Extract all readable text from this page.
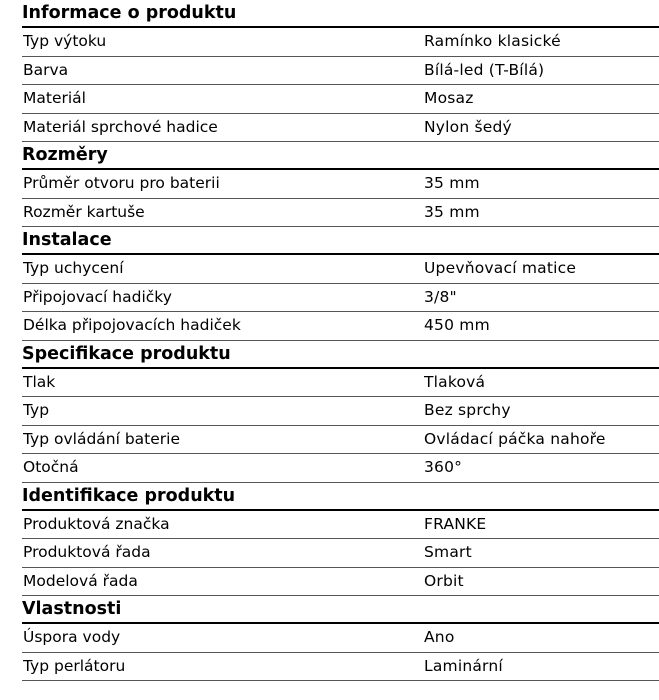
Informace o produktu
Typ výtoku	Ramínko klasické
Barva	Bílá-led (T-Bílá)
Materiál	Mosaz
Materiál sprchové hadice	Nylon šedý
Rozměry
Průměr otvoru pro baterii	35 mm
Rozměr kartuše	35 mm
Instalace
Typ uchycení	Upevňovací matice
Připojovací hadičky	3/8"
Délka připojovacích hadiček	450 mm
Specifikace produktu
Tlak	Tlaková
Typ	Bez sprchy
Typ ovládání baterie	Ovládací páčka nahoře
Otočná	360°
Identifikace produktu
Produktová značka	FRANKE
Produktová řada	Smart
Modelová řada	Orbit
Vlastnosti
Úspora vody	Ano
Typ perlátoru	Laminární
